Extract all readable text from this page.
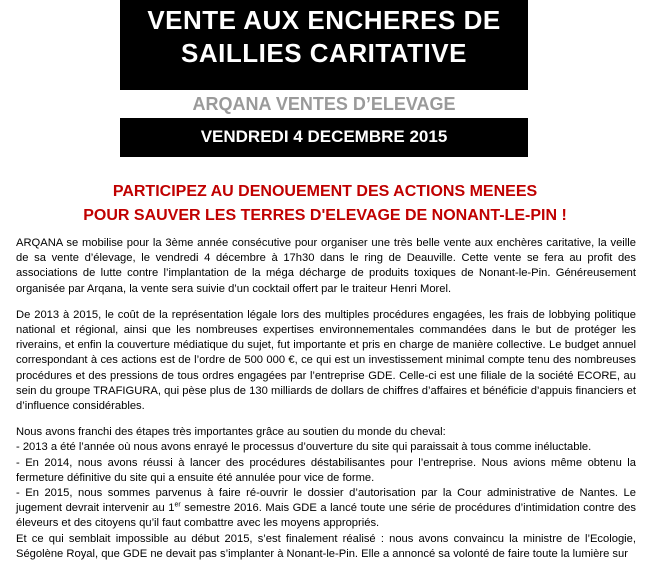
VENTE AUX ENCHERES DE
SAILLIES CARITATIVE
ARQANA VENTES D’ELEVAGE
VENDREDI 4 DECEMBRE 2015
PARTICIPEZ AU DENOUEMENT DES ACTIONS MENEES
POUR SAUVER LES TERRES D'ELEVAGE DE NONANT-LE-PIN !

ARQANA se mobilise pour la 3ème année consécutive pour organiser une très belle vente aux enchères caritative, la veille de sa vente d’élevage, le vendredi 4 décembre à 17h30 dans le ring de Deauville. Cette vente se fera au profit des associations de lutte contre l’implantation de la méga décharge de produits toxiques de Nonant-le-Pin. Généreusement organisée par Arqana, la vente sera suivie d’un cocktail offert par le traiteur Henri Morel.

De 2013 à 2015, le coût de la représentation légale lors des multiples procédures engagées, les frais de lobbying politique national et régional, ainsi que les nombreuses expertises environnementales commandées dans le but de protéger les riverains, et enfin la couverture médiatique du sujet, fut importante et pris en charge de manière collective. Le budget annuel correspondant à ces actions est de l’ordre de 500 000 €, ce qui est un investissement minimal compte tenu des nombreuses procédures et des pressions de tous ordres engagées par l’entreprise GDE. Celle-ci est une filiale de la société ECORE, au sein du groupe TRAFIGURA, qui pèse plus de 130 milliards de dollars de chiffres d’affaires et bénéficie d’appuis financiers et d’influence considérables.

Nous avons franchi des étapes très importantes grâce au soutien du monde du cheval:
- 2013 a été l’année où nous avons enrayé le processus d’ouverture du site qui paraissait à tous comme inéluctable.
- En 2014, nous avons réussi à lancer des procédures déstabilisantes pour l’entreprise. Nous avions même obtenu la fermeture définitive du site qui a ensuite été annulée pour vice de forme.
- En 2015, nous sommes parvenus à faire ré-ouvrir le dossier d’autorisation par la Cour administrative de Nantes. Le jugement devrait intervenir au 1er semestre 2016. Mais GDE a lancé toute une série de procédures d’intimidation contre des éleveurs et des citoyens qu’il faut combattre avec les moyens appropriés.
Et ce qui semblait impossible au début 2015, s’est finalement réalisé : nous avons convaincu la ministre de l’Ecologie, Ségolène Royal, que GDE ne devait pas s’implanter à Nonant-le-Pin. Elle a annoncé sa volonté de faire toute la lumière sur
